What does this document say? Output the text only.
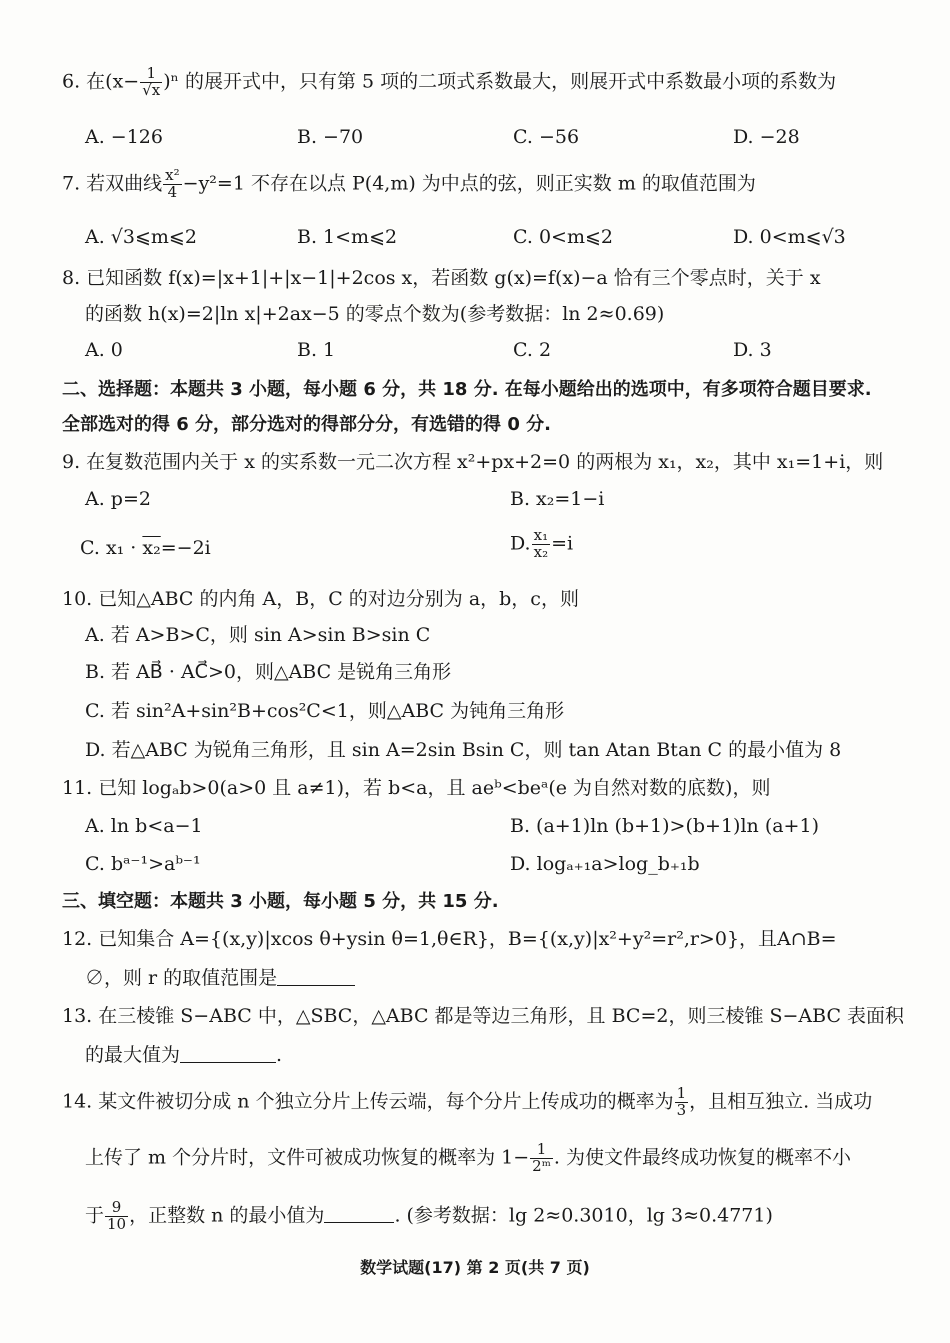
6. 在$(x- \frac{1}{√x} )^n$ 的展开式中，只有第 5 项的二项式系数最大，则展开式中系数最小项的系数为
A. −126	B. −70	C. −56	D. −28
7. 若双曲线 $\frac{\text{x²}}{4} -y^2=1$ 不存在以点 P(4,m) 为中点的弦，则正实数 m 的取值范围为
A. √3⩽m⩽2	B. 1<m⩽2	C. 0<m⩽2	D. 0<m⩽√3
8. 已知函数 f(x)=|x+1|+|x−1|+2cos x，若函数 g(x)=f(x)−a 恰有三个零点时，关于 x
的函数 h(x)=2|ln x|+2ax−5 的零点个数为(参考数据：ln 2≈0.69)
A. 0	B. 1	C. 2	D. 3
二、选择题：本题共 3 小题，每小题 6 分，共 18 分. 在每小题给出的选项中，有多项符合题目要求.
全部选对的得 6 分，部分选对的得部分分，有选错的得 0 分.
9. 在复数范围内关于 x 的实系数一元二次方程 x²+px+2=0 的两根为 x₁，x₂，其中 x₁=1+i，则
A. p=2	B. x₂=1−i
C. x₁ · x₂=−2i	D. $\frac{\text{x₁}}{\text{x₂}} =i$
10. 已知△ABC 的内角 A，B，C 的对边分别为 a，b，c，则
A. 若 A>B>C，则 sin A>sin B>sin C
B. 若 AB⃗ · AC⃗>0，则△ABC 是锐角三角形
C. 若 sin²A+sin²B+cos²C<1，则△ABC 为钝角三角形
D. 若△ABC 为锐角三角形，且 sin A=2sin Bsin C，则 tan Atan Btan C 的最小值为 8
11. 已知 logₐb>0(a>0 且 a≠1)，若 b<a，且 aeᵇ<beᵃ(e 为自然对数的底数)，则
A. ln b<a−1	B. (a+1)ln (b+1)>(b+1)ln (a+1)
C. bᵃ⁻¹>aᵇ⁻¹	D. logₐ₊₁a>log_b₊₁b
三、填空题：本题共 3 小题，每小题 5 分，共 15 分.
12. 已知集合 A={(x,y)|xcos θ+ysin θ=1,θ∈R}，B={(x,y)|x²+y²=r²,r>0}，且A∩B=
∅，则 r 的取值范围是
13. 在三棱锥 S−ABC 中，△SBC，△ABC 都是等边三角形，且 BC=2，则三棱锥 S−ABC 表面积
的最大值为	.
14. 某文件被切分成 n 个独立分片上传云端，每个分片上传成功的概率为 $\frac{1}{3}$ ，且相互独立. 当成功
上传了 m 个分片时，文件可被成功恢复的概率为 $1- \frac{1}{\text{2ᵐ}}$ . 为使文件最终成功恢复的概率不小
于 $\frac{9}{10}$ ，正整数 n 的最小值为	. (参考数据：lg 2≈0.3010，lg 3≈0.4771)
数学试题(17) 第 2 页(共 7 页)
